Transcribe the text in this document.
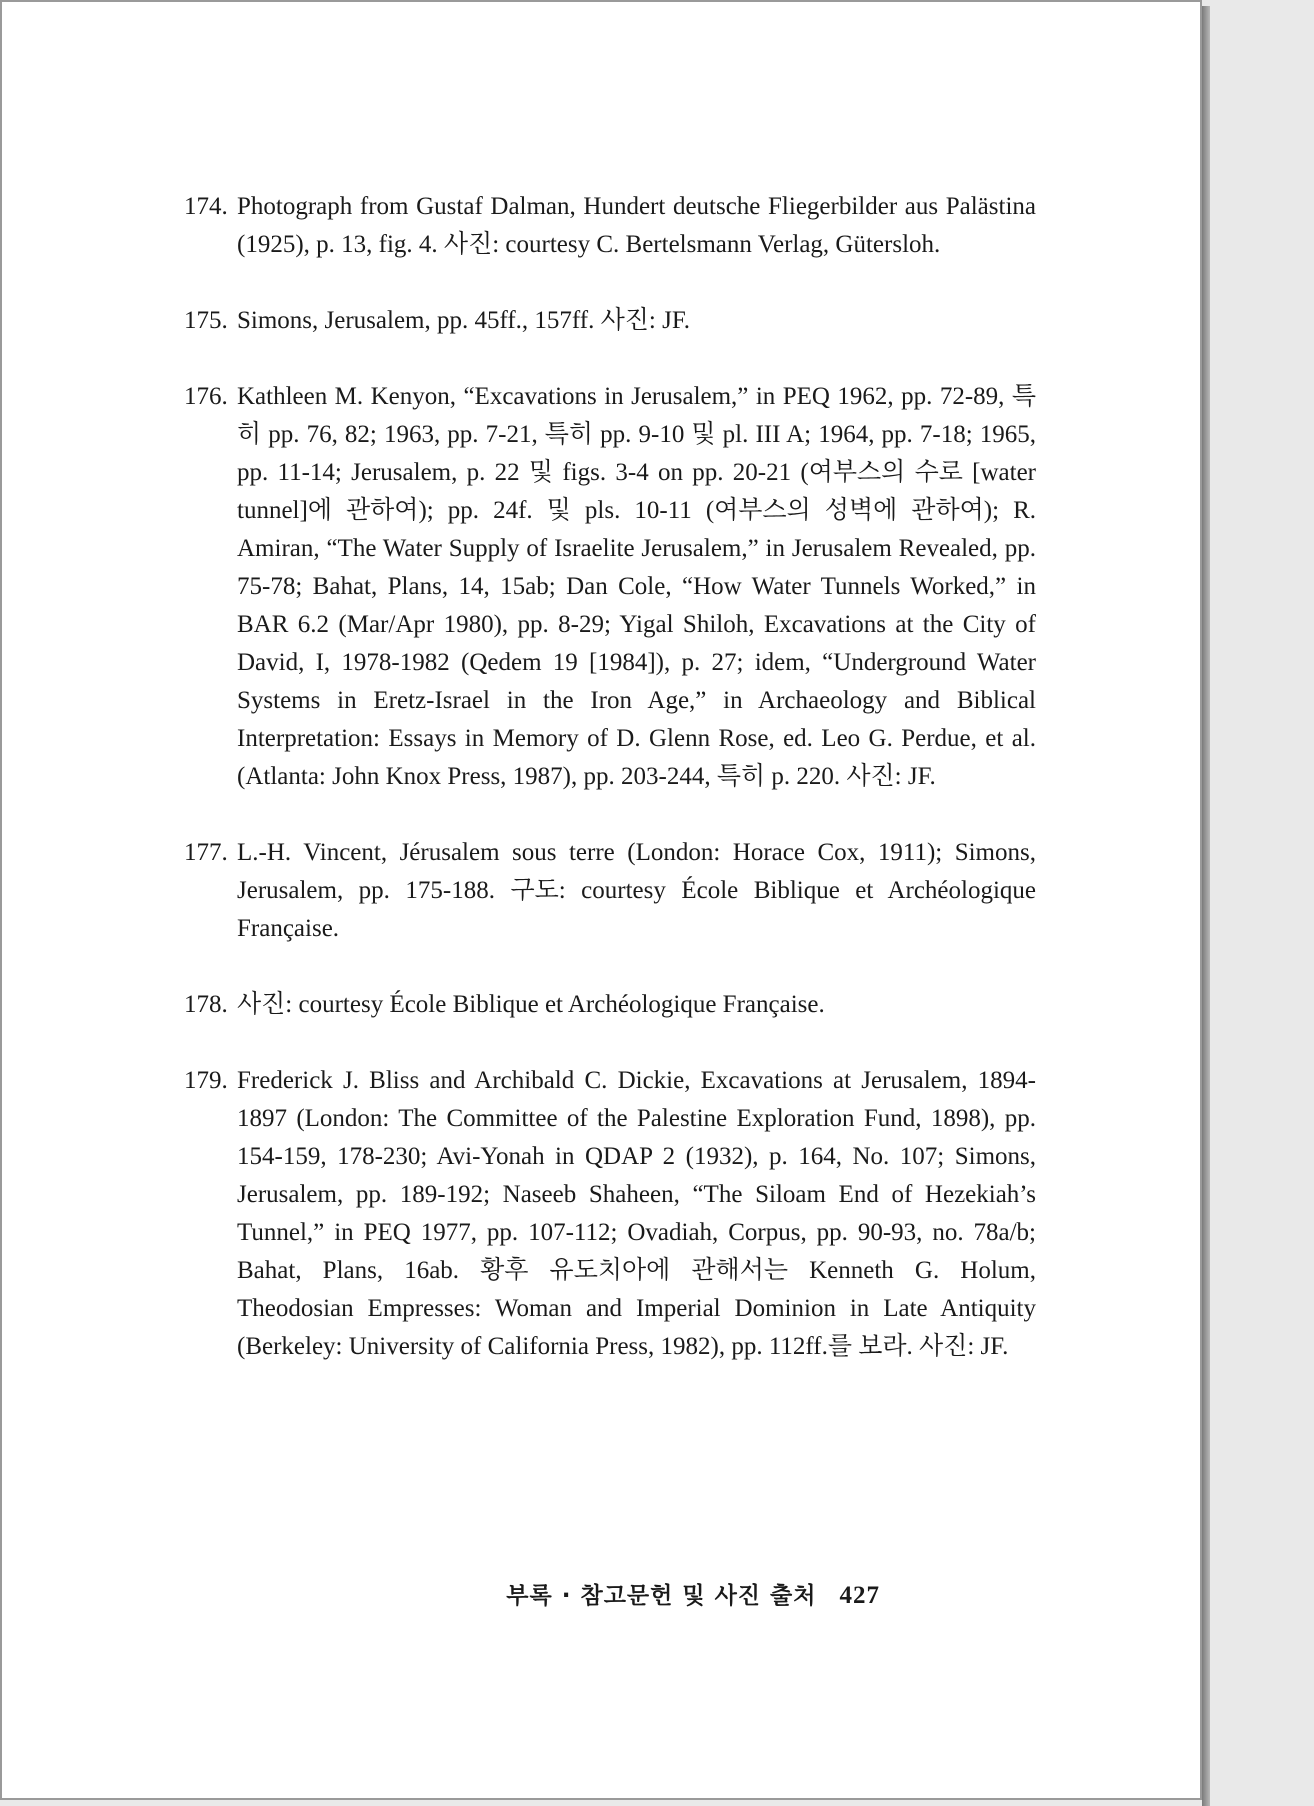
174. Photograph from Gustaf Dalman, Hundert deutsche Fliegerbilder aus Palästina (1925), p. 13, fig. 4. 사진: courtesy C. Bertelsmann Verlag, Gütersloh.
175. Simons, Jerusalem, pp. 45ff., 157ff. 사진: JF.
176. Kathleen M. Kenyon, “Excavations in Jerusalem,” in PEQ 1962, pp. 72-89, 특히 pp. 76, 82; 1963, pp. 7-21, 특히 pp. 9-10 및 pl. III A; 1964, pp. 7-18; 1965, pp. 11-14; Jerusalem, p. 22 및 figs. 3-4 on pp. 20-21 (여부스의 수로 [water tunnel]에 관하여); pp. 24f. 및 pls. 10-11 (여부스의 성벽에 관하여); R. Amiran, “The Water Supply of Israelite Jerusalem,” in Jerusalem Revealed, pp. 75-78; Bahat, Plans, 14, 15ab; Dan Cole, “How Water Tunnels Worked,” in BAR 6.2 (Mar/Apr 1980), pp. 8-29; Yigal Shiloh, Excavations at the City of David, I, 1978-1982 (Qedem 19 [1984]), p. 27; idem, “Underground Water Systems in Eretz-Israel in the Iron Age,” in Archaeology and Biblical Interpretation: Essays in Memory of D. Glenn Rose, ed. Leo G. Perdue, et al. (Atlanta: John Knox Press, 1987), pp. 203-244, 특히 p. 220. 사진: JF.
177. L.-H. Vincent, Jérusalem sous terre (London: Horace Cox, 1911); Simons, Jerusalem, pp. 175-188. 구도: courtesy École Biblique et Archéologique Française.
178. 사진: courtesy École Biblique et Archéologique Française.
179. Frederick J. Bliss and Archibald C. Dickie, Excavations at Jerusalem, 1894-1897 (London: The Committee of the Palestine Exploration Fund, 1898), pp. 154-159, 178-230; Avi-Yonah in QDAP 2 (1932), p. 164, No. 107; Simons, Jerusalem, pp. 189-192; Naseeb Shaheen, “The Siloam End of Hezekiah’s Tunnel,” in PEQ 1977, pp. 107-112; Ovadiah, Corpus, pp. 90-93, no. 78a/b; Bahat, Plans, 16ab. 황후 유도치아에 관해서는 Kenneth G. Holum, Theodosian Empresses: Woman and Imperial Dominion in Late Antiquity (Berkeley: University of California Press, 1982), pp. 112ff.를 보라. 사진: JF.
부록 · 참고문헌 및 사진 출처 427
